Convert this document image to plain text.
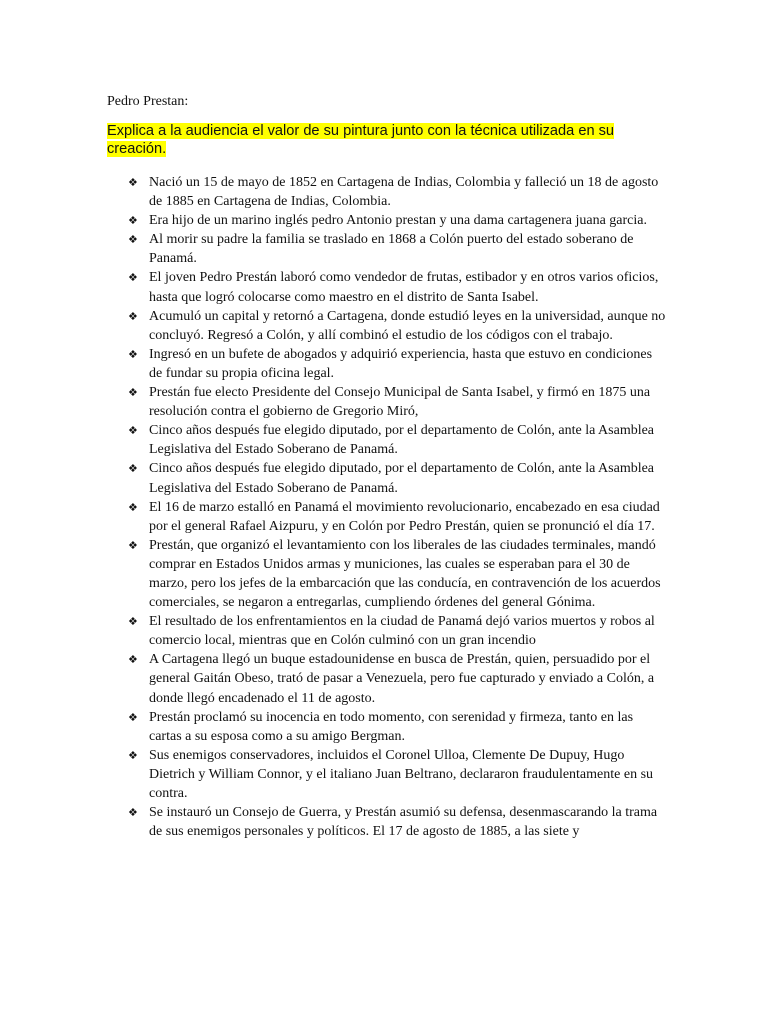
Pedro Prestan:

Explica a la audiencia el valor de su pintura junto con la técnica utilizada en su creación.

❖ Nació un 15 de mayo de 1852 en Cartagena de Indias, Colombia y falleció un 18 de agosto de 1885 en Cartagena de Indias, Colombia.
❖ Era hijo de un marino inglés pedro Antonio prestan y una dama cartagenera juana garcia.
❖ Al morir su padre la familia se traslado en 1868 a Colón puerto del estado soberano de Panamá.
❖ El joven Pedro Prestán laboró como vendedor de frutas, estibador y en otros varios oficios, hasta que logró colocarse como maestro en el distrito de Santa Isabel.
❖ Acumuló un capital y retornó a Cartagena, donde estudió leyes en la universidad, aunque no concluyó. Regresó a Colón, y allí combinó el estudio de los códigos con el trabajo.
❖ Ingresó en un bufete de abogados y adquirió experiencia, hasta que estuvo en condiciones de fundar su propia oficina legal.
❖ Prestán fue electo Presidente del Consejo Municipal de Santa Isabel, y firmó en 1875 una resolución contra el gobierno de Gregorio Miró,
❖ Cinco años después fue elegido diputado, por el departamento de Colón, ante la Asamblea Legislativa del Estado Soberano de Panamá.
❖ Cinco años después fue elegido diputado, por el departamento de Colón, ante la Asamblea Legislativa del Estado Soberano de Panamá.
❖ El 16 de marzo estalló en Panamá el movimiento revolucionario, encabezado en esa ciudad por el general Rafael Aizpuru, y en Colón por Pedro Prestán, quien se pronunció el día 17.
❖ Prestán, que organizó el levantamiento con los liberales de las ciudades terminales, mandó comprar en Estados Unidos armas y municiones, las cuales se esperaban para el 30 de marzo, pero los jefes de la embarcación que las conducía, en contravención de los acuerdos comerciales, se negaron a entregarlas, cumpliendo órdenes del general Gónima.
❖ El resultado de los enfrentamientos en la ciudad de Panamá dejó varios muertos y robos al comercio local, mientras que en Colón culminó con un gran incendio
❖ A Cartagena llegó un buque estadounidense en busca de Prestán, quien, persuadido por el general Gaitán Obeso, trató de pasar a Venezuela, pero fue capturado y enviado a Colón, a donde llegó encadenado el 11 de agosto.
❖ Prestán proclamó su inocencia en todo momento, con serenidad y firmeza, tanto en las cartas a su esposa como a su amigo Bergman.
❖ Sus enemigos conservadores, incluidos el Coronel Ulloa, Clemente De Dupuy, Hugo Dietrich y William Connor, y el italiano Juan Beltrano, declararon fraudulentamente en su contra.
❖ Se instauró un Consejo de Guerra, y Prestán asumió su defensa, desenmascarando la trama de sus enemigos personales y políticos. El 17 de agosto de 1885, a las siete y
